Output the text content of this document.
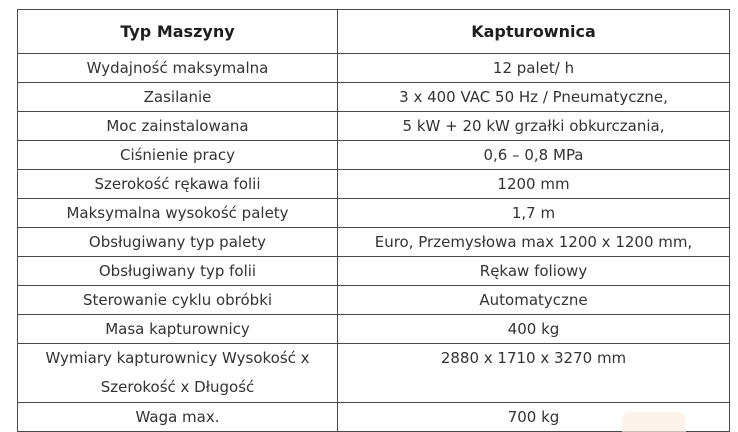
Typ Maszyny	Kapturownica
Wydajność maksymalna	12 palet/ h
Zasilanie	3 x 400 VAC 50 Hz / Pneumatyczne,
Moc zainstalowana	5 kW + 20 kW grzałki obkurczania,
Ciśnienie pracy	0,6 – 0,8 MPa
Szerokość rękawa folii	1200 mm
Maksymalna wysokość palety	1,7 m
Obsługiwany typ palety	Euro, Przemysłowa max 1200 x 1200 mm,
Obsługiwany typ folii	Rękaw foliowy
Sterowanie cyklu obróbki	Automatyczne
Masa kapturownicy	400 kg
Wymiary kapturownicy Wysokość x Szerokość x Długość	2880 x 1710 x 3270 mm
Waga max.	700 kg
